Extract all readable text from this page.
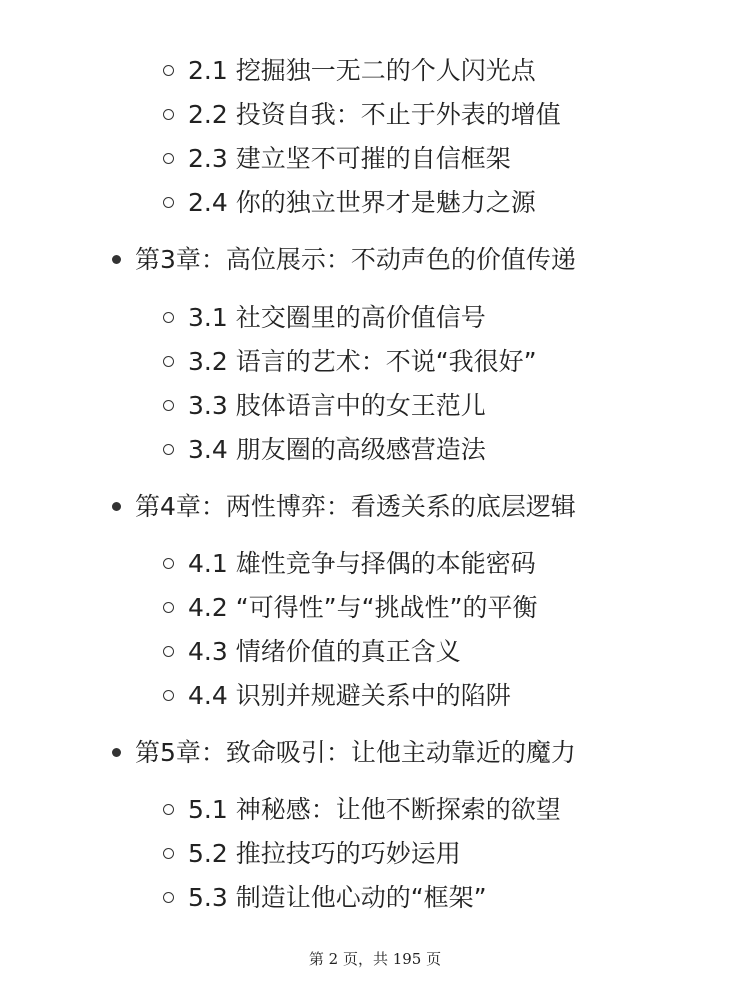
2.1 挖掘独一无二的个人闪光点
2.2 投资自我：不止于外表的增值
2.3 建立坚不可摧的自信框架
2.4 你的独立世界才是魅力之源
第3章：高位展示：不动声色的价值传递
3.1 社交圈里的高价值信号
3.2 语言的艺术：不说“我很好”
3.3 肢体语言中的女王范儿
3.4 朋友圈的高级感营造法
第4章：两性博弈：看透关系的底层逻辑
4.1 雄性竞争与择偶的本能密码
4.2 “可得性”与“挑战性”的平衡
4.3 情绪价值的真正含义
4.4 识别并规避关系中的陷阱
第5章：致命吸引：让他主动靠近的魔力
5.1 神秘感：让他不断探索的欲望
5.2 推拉技巧的巧妙运用
5.3 制造让他心动的“框架”
第 2 页，共 195 页
